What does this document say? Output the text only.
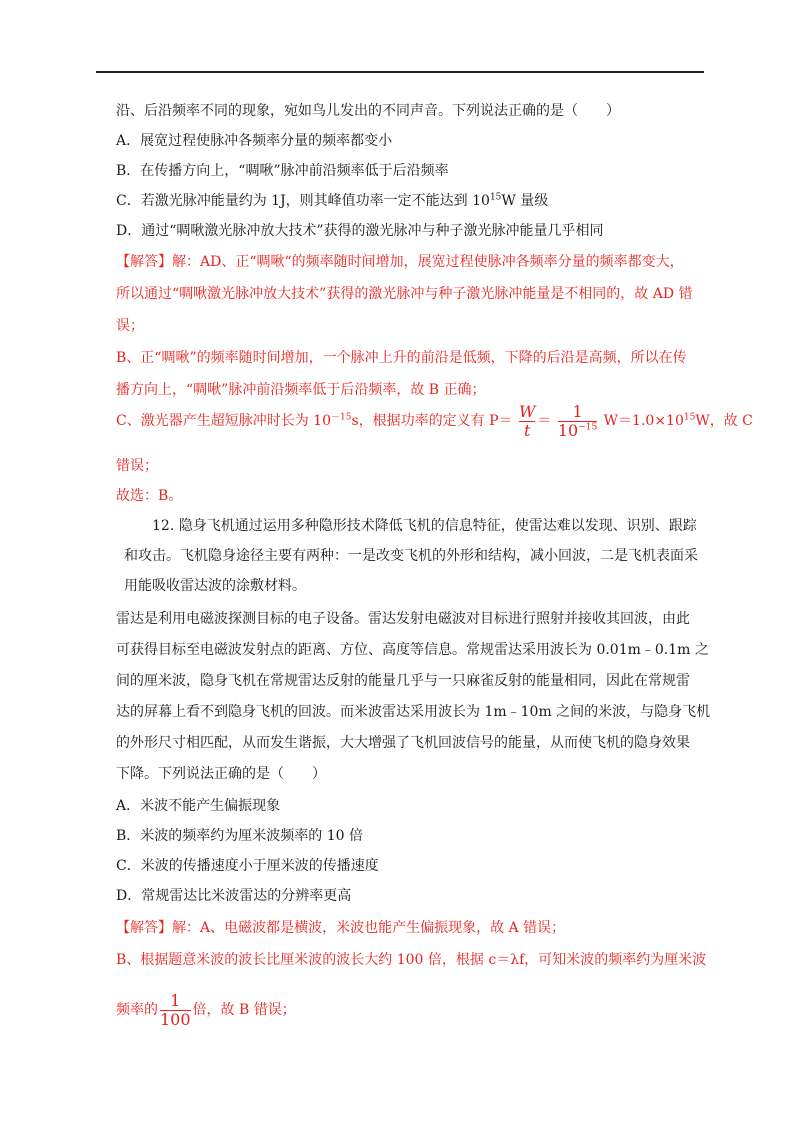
沿、后沿频率不同的现象，宛如鸟儿发出的不同声音。下列说法正确的是（　　）
A．展宽过程使脉冲各频率分量的频率都变小
B．在传播方向上，“啁啾”脉冲前沿频率低于后沿频率
C．若激光脉冲能量约为 1J，则其峰值功率一定不能达到 $10^{15}W$ 量级
D．通过“啁啾激光脉冲放大技术”获得的激光脉冲与种子激光脉冲能量几乎相同
【解答】解：AD、正“啁啾“的频率随时间增加，展宽过程使脉冲各频率分量的频率都变大，
所以通过“啁啾激光脉冲放大技术”获得的激光脉冲与种子激光脉冲能量是不相同的，故 AD 错
误；
B、正“啁啾”的频率随时间增加，一个脉冲上升的前沿是低频，下降的后沿是高频，所以在传
播方向上，“啁啾”脉冲前沿频率低于后沿频率，故 B 正确；
C、激光器产生超短脉冲时长为 $10^{-15}s$，根据功率的定义有 $P= \frac{W}{t} = \frac{1}{10^{-15}} W=1.0\times 10^{15}W$，故 C
错误；
故选：B。
12. 隐身飞机通过运用多种隐形技术降低飞机的信息特征，使雷达难以发现、识别、跟踪
和攻击。飞机隐身途径主要有两种：一是改变飞机的外形和结构，减小回波，二是飞机表面采
用能吸收雷达波的涂敷材料。
雷达是利用电磁波探测目标的电子设备。雷达发射电磁波对目标进行照射并接收其回波，由此
可获得目标至电磁波发射点的距离、方位、高度等信息。常规雷达采用波长为 0.01m﹣0.1m 之
间的厘米波，隐身飞机在常规雷达反射的能量几乎与一只麻雀反射的能量相同，因此在常规雷
达的屏幕上看不到隐身飞机的回波。而米波雷达采用波长为 1m﹣10m 之间的米波，与隐身飞机
的外形尺寸相匹配，从而发生谐振，大大增强了飞机回波信号的能量，从而使飞机的隐身效果
下降。下列说法正确的是（　　）
A．米波不能产生偏振现象
B．米波的频率约为厘米波频率的 10 倍
C．米波的传播速度小于厘米波的传播速度
D．常规雷达比米波雷达的分辨率更高
【解答】解：A、电磁波都是横波，米波也能产生偏振现象，故 A 错误；
B、根据题意米波的波长比厘米波的波长大约 100 倍，根据 c＝λf，可知米波的频率约为厘米波
频率的 $\frac{1}{100}$ 倍，故 B 错误；
